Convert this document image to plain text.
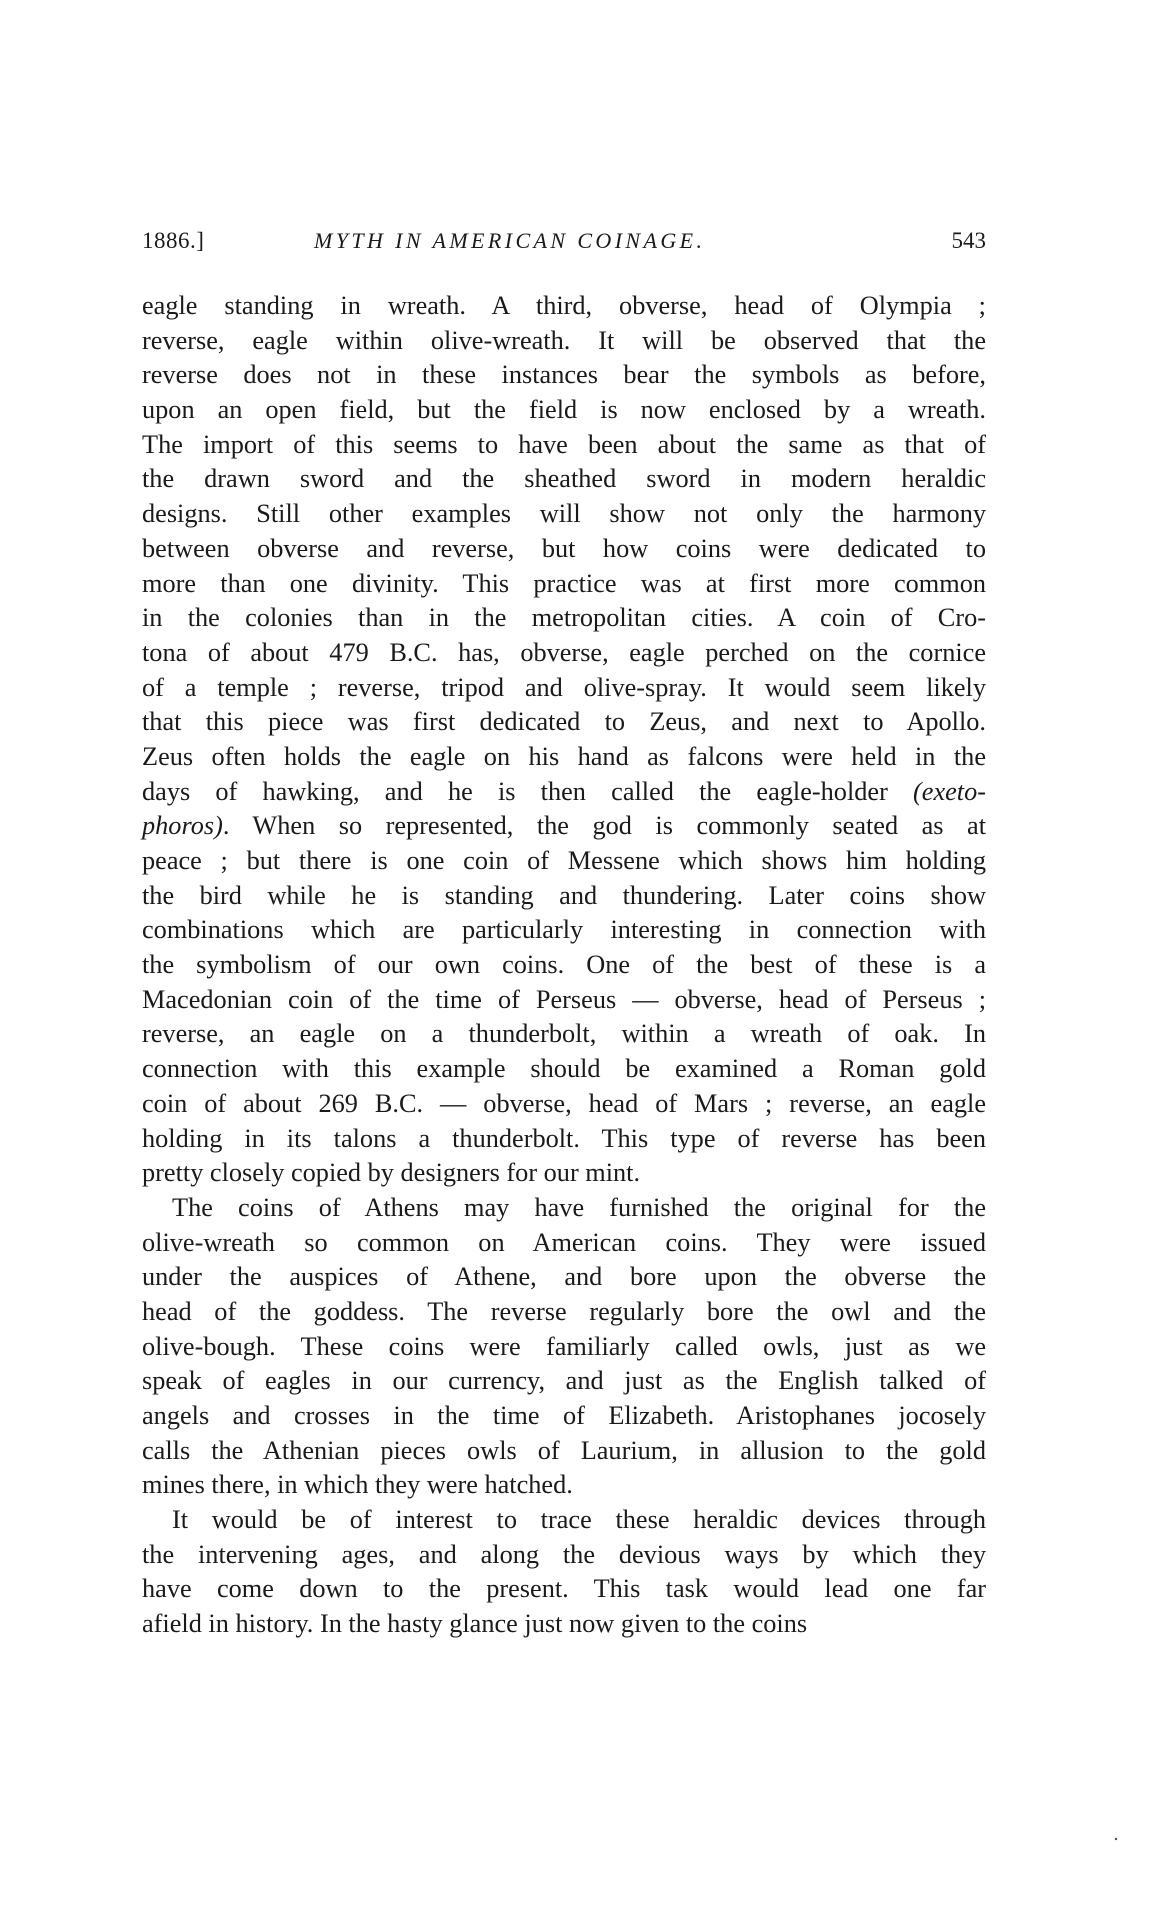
1886.]	MYTH IN AMERICAN COINAGE.	543
eagle standing in wreath. A third, obverse, head of Olympia ;
reverse, eagle within olive-wreath. It will be observed that the
reverse does not in these instances bear the symbols as before,
upon an open field, but the field is now enclosed by a wreath.
The import of this seems to have been about the same as that of
the drawn sword and the sheathed sword in modern heraldic
designs. Still other examples will show not only the harmony
between obverse and reverse, but how coins were dedicated to
more than one divinity. This practice was at first more common
in the colonies than in the metropolitan cities. A coin of Cro-
tona of about 479 B.C. has, obverse, eagle perched on the cornice
of a temple ; reverse, tripod and olive-spray. It would seem likely
that this piece was first dedicated to Zeus, and next to Apollo.
Zeus often holds the eagle on his hand as falcons were held in the
days of hawking, and he is then called the eagle-holder (exeto-
phoros). When so represented, the god is commonly seated as at
peace ; but there is one coin of Messene which shows him holding
the bird while he is standing and thundering. Later coins show
combinations which are particularly interesting in connection with
the symbolism of our own coins. One of the best of these is a
Macedonian coin of the time of Perseus — obverse, head of Perseus ;
reverse, an eagle on a thunderbolt, within a wreath of oak. In
connection with this example should be examined a Roman gold
coin of about 269 B.C. — obverse, head of Mars ; reverse, an eagle
holding in its talons a thunderbolt. This type of reverse has been
pretty closely copied by designers for our mint.
The coins of Athens may have furnished the original for the
olive-wreath so common on American coins. They were issued
under the auspices of Athene, and bore upon the obverse the
head of the goddess. The reverse regularly bore the owl and the
olive-bough. These coins were familiarly called owls, just as we
speak of eagles in our currency, and just as the English talked of
angels and crosses in the time of Elizabeth. Aristophanes jocosely
calls the Athenian pieces owls of Laurium, in allusion to the gold
mines there, in which they were hatched.
It would be of interest to trace these heraldic devices through
the intervening ages, and along the devious ways by which they
have come down to the present. This task would lead one far
afield in history. In the hasty glance just now given to the coins
